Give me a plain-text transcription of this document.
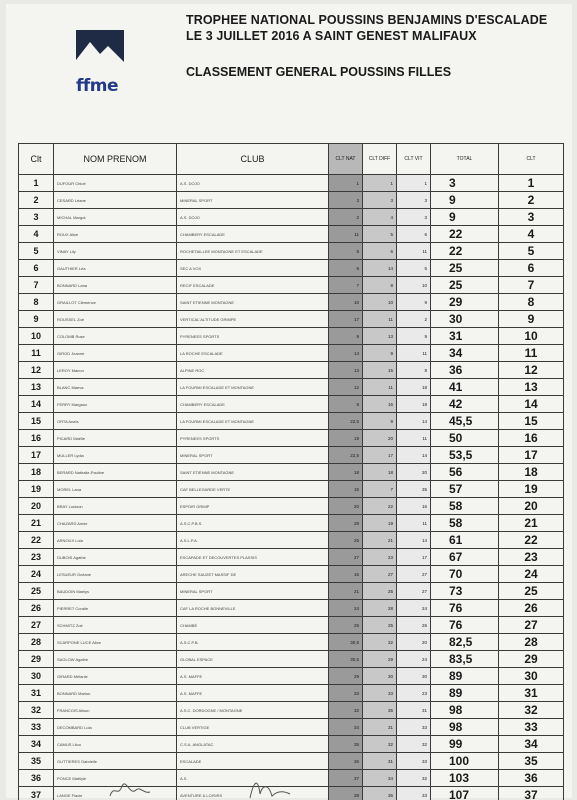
ffme
TROPHEE NATIONAL POUSSINS BENJAMINS D'ESCALADE
LE 3 JUILLET 2016 A SAINT GENEST MALIFAUX
CLASSEMENT GENERAL POUSSINS FILLES
Clt	NOM PRENOM	CLUB	CLT NAT	CLT DIFF	CLT VIT	TOTAL	CLT
1	DUFOUR Chloé	A.S. DOJO	1	1	1	3	1
2	CESARD Léane	MINERAL SPORT	3	3	3	9	2
3	MICHAL Margot	A.S. DOJO	2	4	3	9	3
4	ROUX Alice	CHAMBERY ESCALADE	11	5	6	22	4
5	VINAY Lily	ROCHETAILLEE MONTAGNE ET ESCALADE	5	6	11	22	5
6	GAUTHIER Léa	SEC A VOX	6	14	5	25	6
7	BONNARD Lana	RECIF ESCALADE	7	8	10	25	7
8	GRAILLOT Clémence	SAINT ETIENNE MONTAGNE	10	10	9	29	8
9	ROUSSEL Zoé	VERTICAL'ALTITUDE GRIMPE	17	11	2	30	9
10	COLOMB Rose	PYRENEES SPORTS	9	13	9	31	10
11	GIROD Jeanne	LA ROCHE ESCALADE	14	9	11	34	11
12	LEROY Manon	ALPINE ROC	13	15	8	36	12
13	BLANC Maeva	LA FOURMI ESCALADE ET MONTAGNE	12	11	18	41	13
14	FERRY Margaux	CHAMBERY ESCALADE	8	16	18	42	14
15	ORTA Anaïs	LA FOURMI ESCALADE ET MONTAGNE	22,5	9	14	45,5	15
16	PICARD Maëlle	PYRENEES SPORTS	19	20	11	50	16
17	MULLER Lydia	MINERAL SPORT	22,5	17	14	53,5	17
18	BERARD Nathalie-Pauline	SAINT ETIENNE MONTAGNE	18	18	20	56	18
19	MOREL Lana	CAF BELLEGARDE VERTE	15	7	35	57	19
20	BRAY Louison	ESPOIR GRIMP	20	22	16	58	20
21	CHAZARD Annie	A.S.C.P.B.S.	28	19	11	58	21
22	ARNOUX Lola	A.S.L.P.A.	26	21	14	61	22
23	DUBOIS Agathe	ESCAPADE ET DECOUVERTES PLASSIS	27	23	17	67	23
24	LESUEUR Océane	ARECHE SAUZET MASSIF DE	16	27	27	70	24
25	BAUDOIN Maelys	MINERAL SPORT	21	25	27	73	25
26	PIERRET Coralie	CAF LA ROCHE BONNEVILLE	24	28	24	76	26
27	SCHMITZ Zoé	CHAMBÉ	25	25	26	76	27
28	SCARPONE LUCE Alice	A.S.C.P.B.	30,5	32	20	82,5	28
29	SAGLOW Agathe	GLOBAL ESPACE	30,5	29	24	83,5	29
30	GIRARD Mélanie	A.S. MAFFE	29	30	30	89	30
31	BONNARD Marion	A.S. MAFFE	33	33	23	89	31
32	FRANCOIS Alison	A.S.C. DORDOGNE / MONTAGNE	32	35	31	98	32
33	DECOMBARD Lola	CLUB VERTIGE	34	31	33	98	33
34	CAMUS Lilou	C.S.A. ANGLATAC	35	32	32	99	34
35	GUTTIERES Gabrielle	ESCALADE	36	31	33	100	35
36	PONCE Maëlyle	A.S.	37	34	32	103	36
37	LANGE Flavie	AVENTURE & LOISIRS	38	36	33	107	37
